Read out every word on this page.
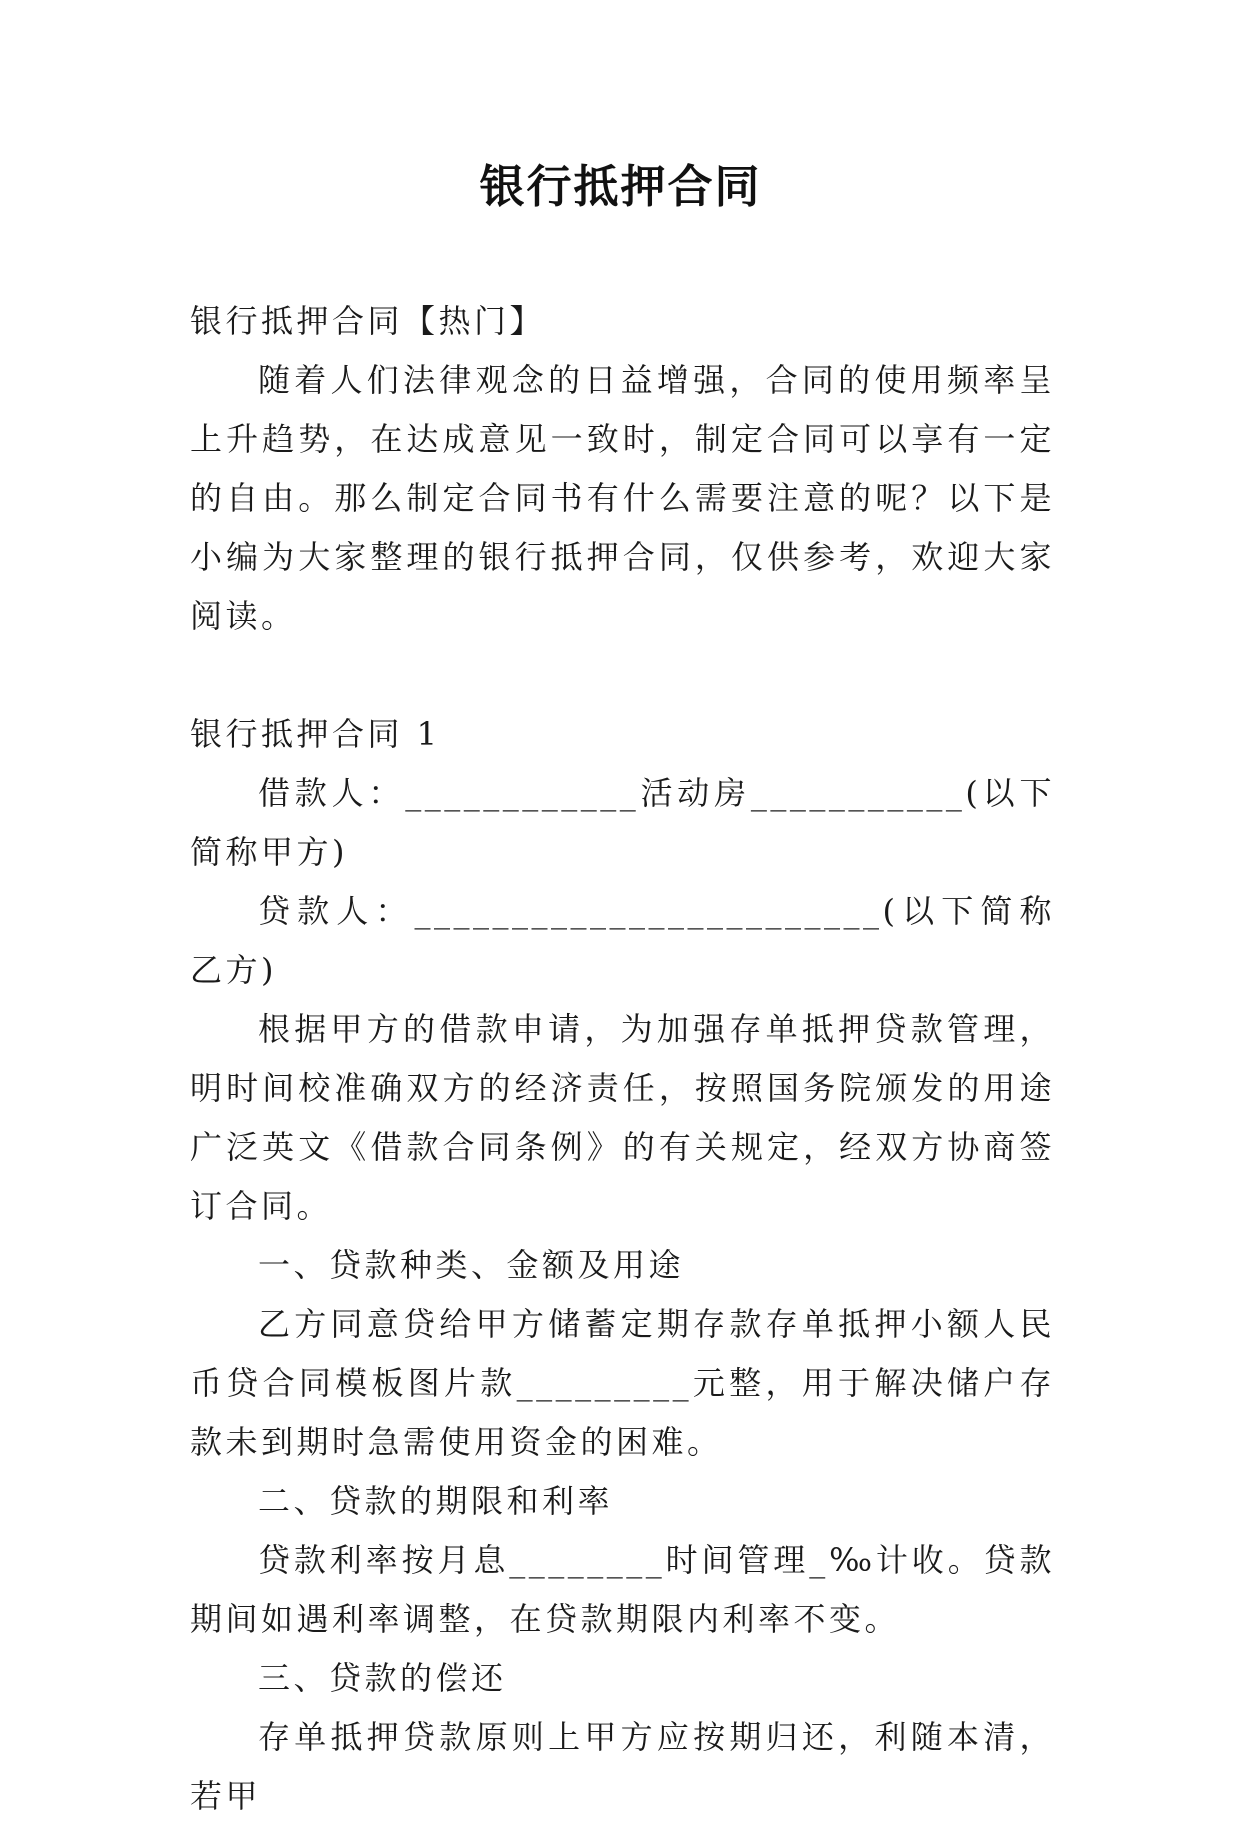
银行抵押合同

银行抵押合同【热门】

随着人们法律观念的日益增强，合同的使用频率呈上升趋势，在达成意见一致时，制定合同可以享有一定的自由。那么制定合同书有什么需要注意的呢？以下是小编为大家整理的银行抵押合同，仅供参考，欢迎大家阅读。

银行抵押合同 1

借款人：____________活动房___________(以下简称甲方)

贷款人：________________________(以下简称乙方)

根据甲方的借款申请，为加强存单抵押贷款管理，明时间校准确双方的经济责任，按照国务院颁发的用途广泛英文《借款合同条例》的有关规定，经双方协商签订合同。

一、贷款种类、金额及用途

乙方同意贷给甲方储蓄定期存款存单抵押小额人民币贷合同模板图片款_________元整，用于解决储户存款未到期时急需使用资金的困难。

二、贷款的期限和利率

贷款利率按月息________时间管理_‰计收。贷款期间如遇利率调整，在贷款期限内利率不变。

三、贷款的偿还

存单抵押贷款原则上甲方应按期归还，利随本清，若甲
